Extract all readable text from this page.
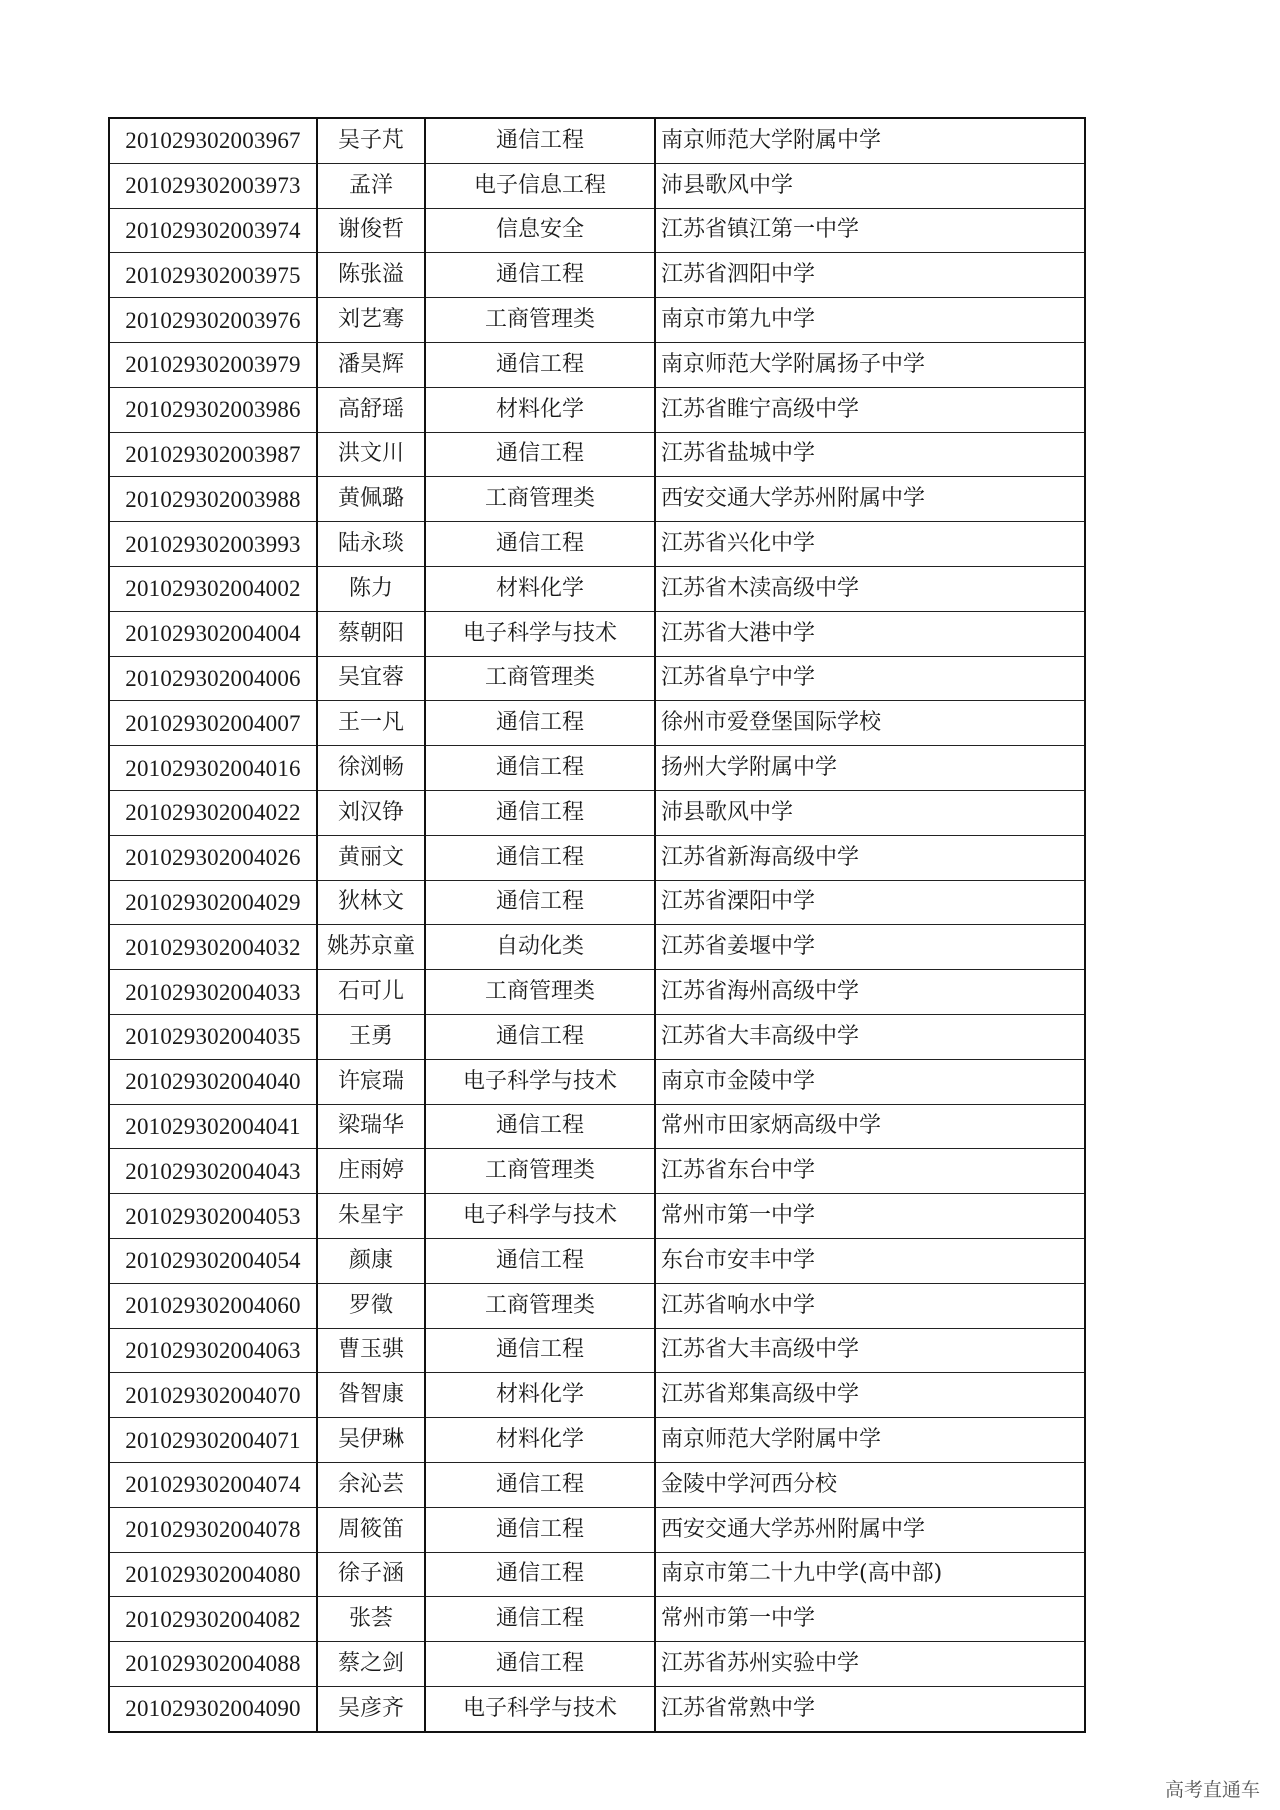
201029302003967	吴子芃	通信工程	南京师范大学附属中学
201029302003973	孟洋	电子信息工程	沛县歌风中学
201029302003974	谢俊哲	信息安全	江苏省镇江第一中学
201029302003975	陈张溢	通信工程	江苏省泗阳中学
201029302003976	刘艺骞	工商管理类	南京市第九中学
201029302003979	潘昊辉	通信工程	南京师范大学附属扬子中学
201029302003986	高舒瑶	材料化学	江苏省睢宁高级中学
201029302003987	洪文川	通信工程	江苏省盐城中学
201029302003988	黄佩璐	工商管理类	西安交通大学苏州附属中学
201029302003993	陆永琰	通信工程	江苏省兴化中学
201029302004002	陈力	材料化学	江苏省木渎高级中学
201029302004004	蔡朝阳	电子科学与技术	江苏省大港中学
201029302004006	吴宜蓉	工商管理类	江苏省阜宁中学
201029302004007	王一凡	通信工程	徐州市爱登堡国际学校
201029302004016	徐浏畅	通信工程	扬州大学附属中学
201029302004022	刘汉铮	通信工程	沛县歌风中学
201029302004026	黄丽文	通信工程	江苏省新海高级中学
201029302004029	狄林文	通信工程	江苏省溧阳中学
201029302004032	姚苏京童	自动化类	江苏省姜堰中学
201029302004033	石可儿	工商管理类	江苏省海州高级中学
201029302004035	王勇	通信工程	江苏省大丰高级中学
201029302004040	许宸瑞	电子科学与技术	南京市金陵中学
201029302004041	梁瑞华	通信工程	常州市田家炳高级中学
201029302004043	庄雨婷	工商管理类	江苏省东台中学
201029302004053	朱星宇	电子科学与技术	常州市第一中学
201029302004054	颜康	通信工程	东台市安丰中学
201029302004060	罗徵	工商管理类	江苏省响水中学
201029302004063	曹玉骐	通信工程	江苏省大丰高级中学
201029302004070	昝智康	材料化学	江苏省郑集高级中学
201029302004071	吴伊琳	材料化学	南京师范大学附属中学
201029302004074	余沁芸	通信工程	金陵中学河西分校
201029302004078	周筱笛	通信工程	西安交通大学苏州附属中学
201029302004080	徐子涵	通信工程	南京市第二十九中学(高中部)
201029302004082	张荟	通信工程	常州市第一中学
201029302004088	蔡之剑	通信工程	江苏省苏州实验中学
201029302004090	吴彦齐	电子科学与技术	江苏省常熟中学
高考直通车
